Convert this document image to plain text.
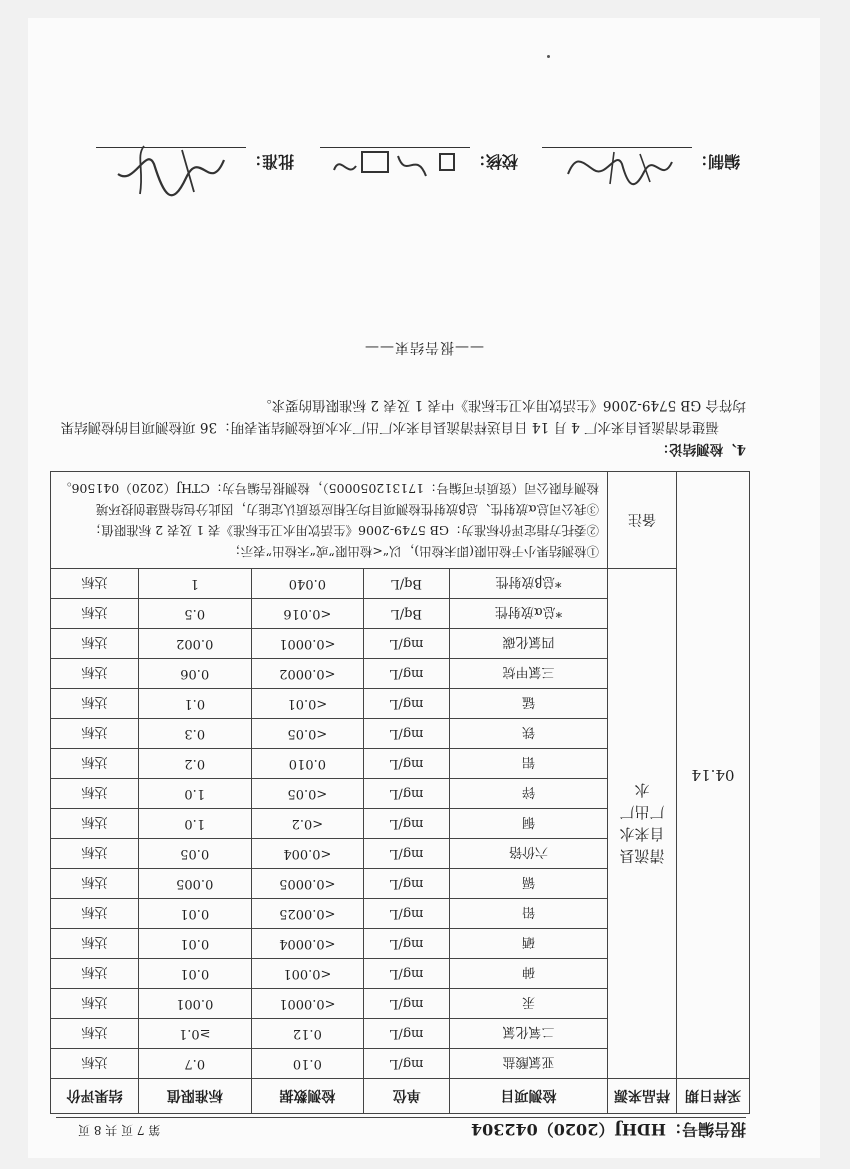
报告编号：HDHJ（2020）042304
第 7 页 共 8 页
采样日期	样品来源	检测项目	单位	检测数据	标准限值	结果评价
04.14	清流县自来水厂出厂水	亚氯酸盐	mg/L	0.10	0.7	达标
		二氧化氯	mg/L	0.12	≥0.1	达标
		汞	mg/L	<0.0001	0.001	达标
		砷	mg/L	<0.001	0.01	达标
		硒	mg/L	<0.0004	0.01	达标
		铅	mg/L	<0.0025	0.01	达标
		镉	mg/L	<0.0005	0.005	达标
		六价铬	mg/L	<0.004	0.05	达标
		铜	mg/L	<0.2	1.0	达标
		锌	mg/L	<0.05	1.0	达标
		铝	mg/L	0.010	0.2	达标
		铁	mg/L	<0.05	0.3	达标
		锰	mg/L	<0.01	0.1	达标
		三氯甲烷	mg/L	<0.0002	0.06	达标
		四氯化碳	mg/L	<0.0001	0.002	达标
		*总α放射性	Bq/L	<0.016	0.5	达标
		*总β放射性	Bq/L	0.040	1	达标
	备注	①检测结果小于检出限(即未检出)，以“<检出限”或“未检出”表示；
②委托方指定评价标准为：GB 5749-2006《生活饮用水卫生标准》表 1 及表 2 标准限值；
③我公司总α放射性、总β放射性检测项目均无相应资质认定能力，因此分包给福建创投环境
检测有限公司（资质许可编号：171312050005），检测报告编号为：CTHJ（2020）041506。				
4、检测结论：
福建省清流县自来水厂 4 月 14 日自送样清流县自来水厂出厂水水质检测结果表明：36 项检测项目的检测结果均符合 GB 5749-2006《生活饮用水卫生标准》中表 1 及表 2 标准限值的要求。
——报告结束——
编制：
校核：
批准：
